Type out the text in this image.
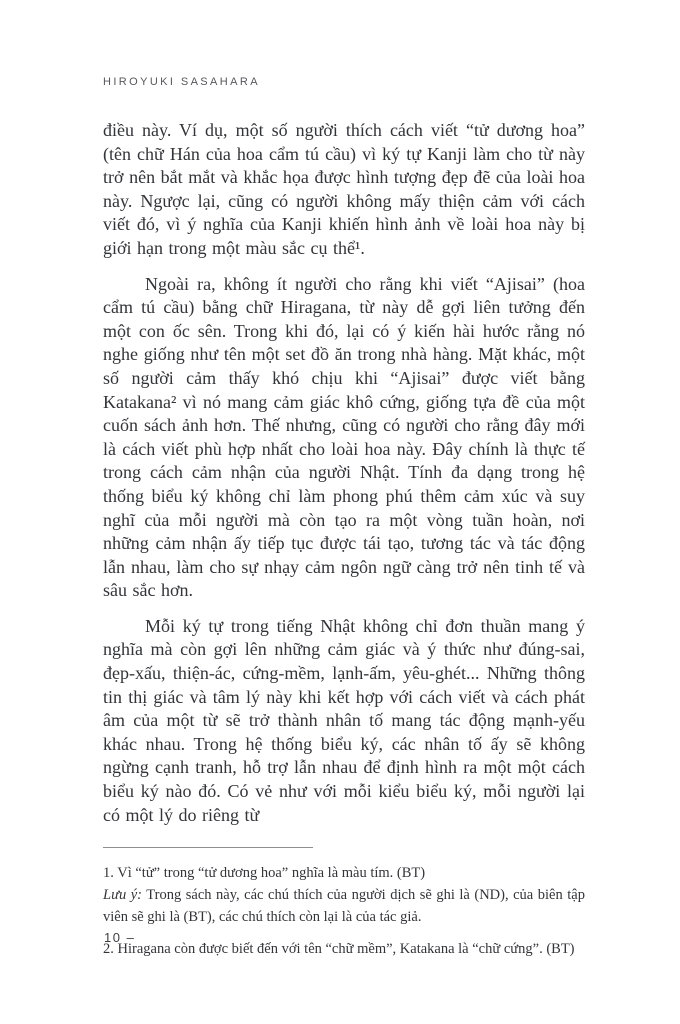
HIROYUKI SASAHARA

điều này. Ví dụ, một số người thích cách viết “tử dương hoa” (tên chữ Hán của hoa cẩm tú cầu) vì ký tự Kanji làm cho từ này trở nên bắt mắt và khắc họa được hình tượng đẹp đẽ của loài hoa này. Ngược lại, cũng có người không mấy thiện cảm với cách viết đó, vì ý nghĩa của Kanji khiến hình ảnh về loài hoa này bị giới hạn trong một màu sắc cụ thể¹.

Ngoài ra, không ít người cho rằng khi viết “Ajisai” (hoa cẩm tú cầu) bằng chữ Hiragana, từ này dễ gợi liên tưởng đến một con ốc sên. Trong khi đó, lại có ý kiến hài hước rằng nó nghe giống như tên một set đồ ăn trong nhà hàng. Mặt khác, một số người cảm thấy khó chịu khi “Ajisai” được viết bằng Katakana² vì nó mang cảm giác khô cứng, giống tựa đề của một cuốn sách ảnh hơn. Thế nhưng, cũng có người cho rằng đây mới là cách viết phù hợp nhất cho loài hoa này. Đây chính là thực tế trong cách cảm nhận của người Nhật. Tính đa dạng trong hệ thống biểu ký không chỉ làm phong phú thêm cảm xúc và suy nghĩ của mỗi người mà còn tạo ra một vòng tuần hoàn, nơi những cảm nhận ấy tiếp tục được tái tạo, tương tác và tác động lẫn nhau, làm cho sự nhạy cảm ngôn ngữ càng trở nên tinh tế và sâu sắc hơn.

Mỗi ký tự trong tiếng Nhật không chỉ đơn thuần mang ý nghĩa mà còn gợi lên những cảm giác và ý thức như đúng-sai, đẹp-xấu, thiện-ác, cứng-mềm, lạnh-ấm, yêu-ghét... Những thông tin thị giác và tâm lý này khi kết hợp với cách viết và cách phát âm của một từ sẽ trở thành nhân tố mang tác động mạnh-yếu khác nhau. Trong hệ thống biểu ký, các nhân tố ấy sẽ không ngừng cạnh tranh, hỗ trợ lẫn nhau để định hình ra một một cách biểu ký nào đó. Có vẻ như với mỗi kiểu biểu ký, mỗi người lại có một lý do riêng từ

1. Vì “tử” trong “tử dương hoa” nghĩa là màu tím. (BT)

Lưu ý: Trong sách này, các chú thích của người dịch sẽ ghi là (ND), của biên tập viên sẽ ghi là (BT), các chú thích còn lại là của tác giả.

2. Hiragana còn được biết đến với tên “chữ mềm”, Katakana là “chữ cứng”. (BT)

10 –
